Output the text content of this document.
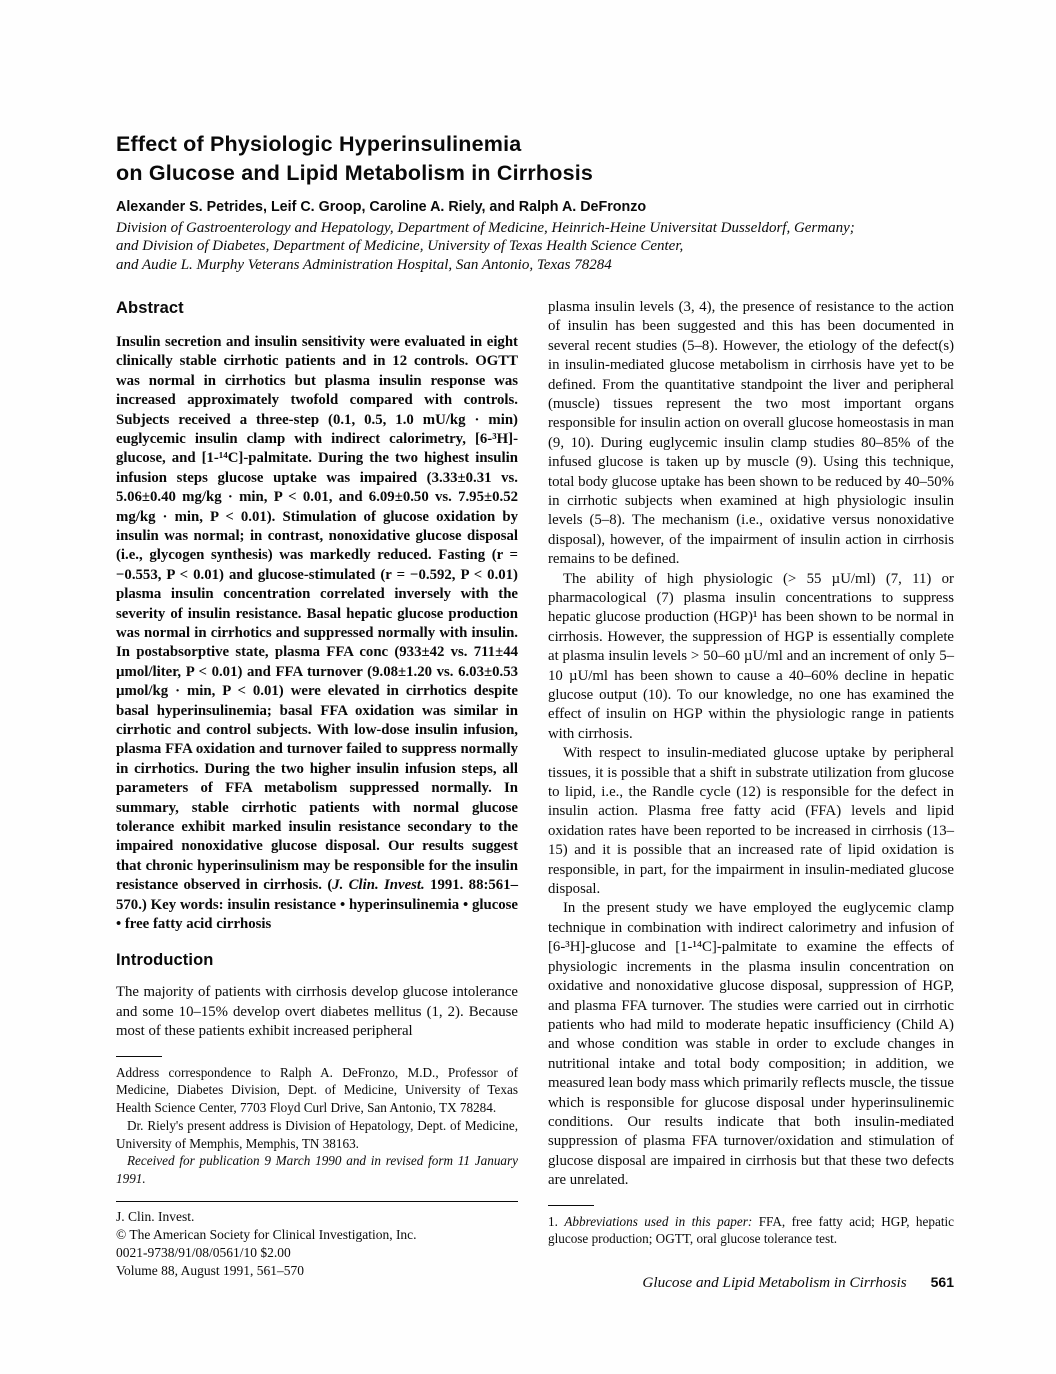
Effect of Physiologic Hyperinsulinemia
on Glucose and Lipid Metabolism in Cirrhosis
Alexander S. Petrides, Leif C. Groop, Caroline A. Riely, and Ralph A. DeFronzo
Division of Gastroenterology and Hepatology, Department of Medicine, Heinrich-Heine Universitat Dusseldorf, Germany;
and Division of Diabetes, Department of Medicine, University of Texas Health Science Center,
and Audie L. Murphy Veterans Administration Hospital, San Antonio, Texas 78284
Abstract

Insulin secretion and insulin sensitivity were evaluated in eight clinically stable cirrhotic patients and in 12 controls. OGTT was normal in cirrhotics but plasma insulin response was increased approximately twofold compared with controls. Subjects received a three-step (0.1, 0.5, 1.0 mU/kg · min) euglycemic insulin clamp with indirect calorimetry, [6-³H]-glucose, and [1-¹⁴C]-palmitate. During the two highest insulin infusion steps glucose uptake was impaired (3.33±0.31 vs. 5.06±0.40 mg/kg · min, P < 0.01, and 6.09±0.50 vs. 7.95±0.52 mg/kg · min, P < 0.01). Stimulation of glucose oxidation by insulin was normal; in contrast, nonoxidative glucose disposal (i.e., glycogen synthesis) was markedly reduced. Fasting (r = −0.553, P < 0.01) and glucose-stimulated (r = −0.592, P < 0.01) plasma insulin concentration correlated inversely with the severity of insulin resistance. Basal hepatic glucose production was normal in cirrhotics and suppressed normally with insulin. In postabsorptive state, plasma FFA conc (933±42 vs. 711±44 µmol/liter, P < 0.01) and FFA turnover (9.08±1.20 vs. 6.03±0.53 µmol/kg · min, P < 0.01) were elevated in cirrhotics despite basal hyperinsulinemia; basal FFA oxidation was similar in cirrhotic and control subjects. With low-dose insulin infusion, plasma FFA oxidation and turnover failed to suppress normally in cirrhotics. During the two higher insulin infusion steps, all parameters of FFA metabolism suppressed normally. In summary, stable cirrhotic patients with normal glucose tolerance exhibit marked insulin resistance secondary to the impaired nonoxidative glucose disposal. Our results suggest that chronic hyperinsulinism may be responsible for the insulin resistance observed in cirrhosis. (J. Clin. Invest. 1991. 88:561–570.) Key words: insulin resistance • hyperinsulinemia • glucose • free fatty acid cirrhosis

Introduction

The majority of patients with cirrhosis develop glucose intolerance and some 10–15% develop overt diabetes mellitus (1, 2). Because most of these patients exhibit increased peripheral

Address correspondence to Ralph A. DeFronzo, M.D., Professor of Medicine, Diabetes Division, Dept. of Medicine, University of Texas Health Science Center, 7703 Floyd Curl Drive, San Antonio, TX 78284.

Dr. Riely's present address is Division of Hepatology, Dept. of Medicine, University of Memphis, Memphis, TN 38163.

Received for publication 9 March 1990 and in revised form 11 January 1991.

J. Clin. Invest.
© The American Society for Clinical Investigation, Inc.
0021-9738/91/08/0561/10 $2.00
Volume 88, August 1991, 561–570

plasma insulin levels (3, 4), the presence of resistance to the action of insulin has been suggested and this has been documented in several recent studies (5–8). However, the etiology of the defect(s) in insulin-mediated glucose metabolism in cirrhosis have yet to be defined. From the quantitative standpoint the liver and peripheral (muscle) tissues represent the two most important organs responsible for insulin action on overall glucose homeostasis in man (9, 10). During euglycemic insulin clamp studies 80–85% of the infused glucose is taken up by muscle (9). Using this technique, total body glucose uptake has been shown to be reduced by 40–50% in cirrhotic subjects when examined at high physiologic insulin levels (5–8). The mechanism (i.e., oxidative versus nonoxidative disposal), however, of the impairment of insulin action in cirrhosis remains to be defined.

The ability of high physiologic (> 55 µU/ml) (7, 11) or pharmacological (7) plasma insulin concentrations to suppress hepatic glucose production (HGP)¹ has been shown to be normal in cirrhosis. However, the suppression of HGP is essentially complete at plasma insulin levels > 50–60 µU/ml and an increment of only 5–10 µU/ml has been shown to cause a 40–60% decline in hepatic glucose output (10). To our knowledge, no one has examined the effect of insulin on HGP within the physiologic range in patients with cirrhosis.

With respect to insulin-mediated glucose uptake by peripheral tissues, it is possible that a shift in substrate utilization from glucose to lipid, i.e., the Randle cycle (12) is responsible for the defect in insulin action. Plasma free fatty acid (FFA) levels and lipid oxidation rates have been reported to be increased in cirrhosis (13–15) and it is possible that an increased rate of lipid oxidation is responsible, in part, for the impairment in insulin-mediated glucose disposal.

In the present study we have employed the euglycemic clamp technique in combination with indirect calorimetry and infusion of [6-³H]-glucose and [1-¹⁴C]-palmitate to examine the effects of physiologic increments in the plasma insulin concentration on oxidative and nonoxidative glucose disposal, suppression of HGP, and plasma FFA turnover. The studies were carried out in cirrhotic patients who had mild to moderate hepatic insufficiency (Child A) and whose condition was stable in order to exclude changes in nutritional intake and total body composition; in addition, we measured lean body mass which primarily reflects muscle, the tissue which is responsible for glucose disposal under hyperinsulinemic conditions. Our results indicate that both insulin-mediated suppression of plasma FFA turnover/oxidation and stimulation of glucose disposal are impaired in cirrhosis but that these two defects are unrelated.

1. Abbreviations used in this paper: FFA, free fatty acid; HGP, hepatic glucose production; OGTT, oral glucose tolerance test.

Glucose and Lipid Metabolism in Cirrhosis 561
